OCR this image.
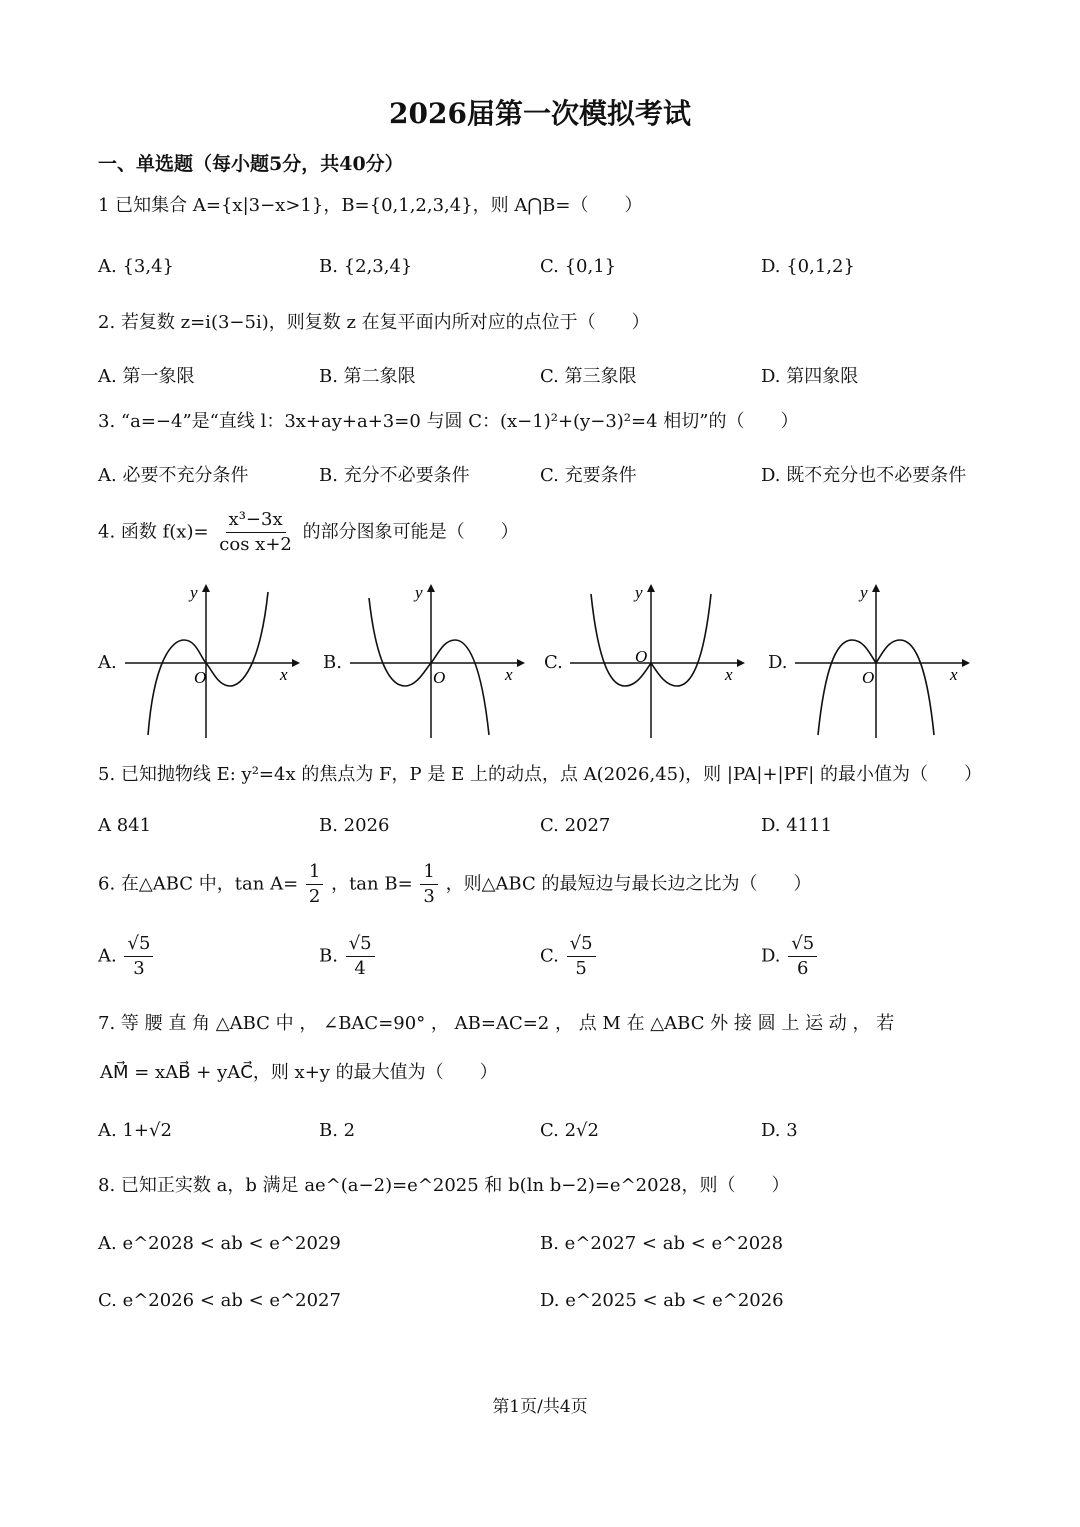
2026届第一次模拟考试
一、单选题（每小题5分，共40分）
1 已知集合 A={x|3−x>1}，B={0,1,2,3,4}，则 A⋂B=（　　）
A. {3,4}	B. {2,3,4}	C. {0,1}	D. {0,1,2}
2. 若复数 z=i(3−5i)，则复数 z 在复平面内所对应的点位于（　　）
A. 第一象限	B. 第二象限	C. 第三象限	D. 第四象限
3. “a=−4”是“直线 l：3x+ay+a+3=0 与圆 C：(x−1)²+(y−3)²=4 相切”的（　　）
A. 必要不充分条件	B. 充分不必要条件	C. 充要条件	D. 既不充分也不必要条件
4. 函数 $f(x)= \frac{\text{x³−3x}}{\text{cos x+2}}$ 的部分图象可能是（　　）
A.	B.	C.	D.
O	x
y
O	x
y
O
x
y
O	x
y
5. 已知抛物线 E: y²=4x 的焦点为 F，P 是 E 上的动点，点 A(2026,45)，则 |PA|+|PF| 的最小值为（　　）
A 841	B. 2026	C. 2027	D. 4111
6. 在△ABC 中，$\tan A= \frac{1}{2}$ ，$\tan B= \frac{1}{3}$ ，则△ABC 的最短边与最长边之比为（　　）
A. $\frac{√5}{3}$	B. $\frac{√5}{4}$	C. $\frac{√5}{5}$	D. $\frac{√5}{6}$
7. 等 腰 直 角 △ABC 中 ， ∠BAC=90° ， AB=AC=2 ， 点 M 在 △ABC 外 接 圆 上 运 动 ， 若
AM⃗ = xAB⃗ + yAC⃗，则 x+y 的最大值为（　　）
A. 1+√2	B. 2	C. 2√2	D. 3
8. 已知正实数 a，b 满足 ae^(a−2)=e^2025 和 b(ln b−2)=e^2028，则（　　）
A. e^2028 < ab < e^2029	B. e^2027 < ab < e^2028
C. e^2026 < ab < e^2027	D. e^2025 < ab < e^2026
第1页/共4页
